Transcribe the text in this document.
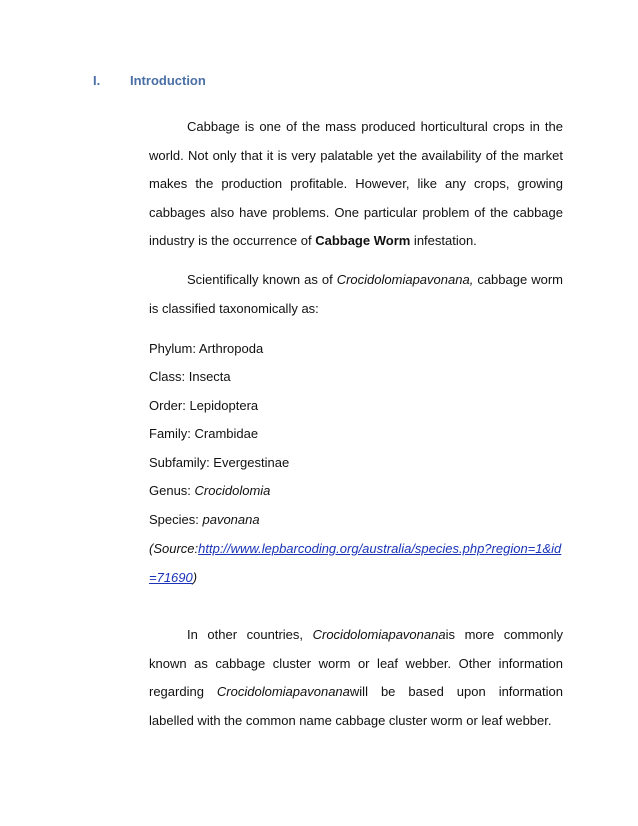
I. Introduction
Cabbage is one of the mass produced horticultural crops in the world. Not only that it is very palatable yet the availability of the market makes the production profitable. However, like any crops, growing cabbages also have problems. One particular problem of the cabbage industry is the occurrence of Cabbage Worm infestation.
Scientifically known as of Crocidolomiapavonana, cabbage worm is classified taxonomically as:
Phylum: Arthropoda
Class: Insecta
Order: Lepidoptera
Family: Crambidae
Subfamily: Evergestinae
Genus: Crocidolomia
Species: pavonana
(Source:http://www.lepbarcoding.org/australia/species.php?region=1&id=71690)
In other countries, Crocidolomiapavonanais more commonly known as cabbage cluster worm or leaf webber. Other information regarding Crocidolomiapavonanawill be based upon information labelled with the common name cabbage cluster worm or leaf webber.
